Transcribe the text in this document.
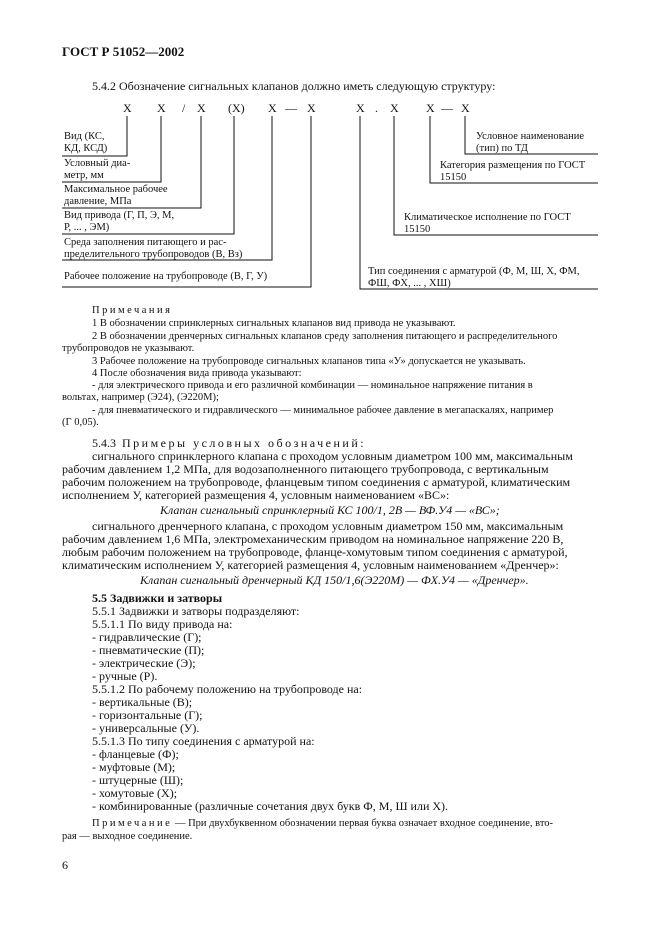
ГОСТ Р 51052—2002
5.4.2 Обозначение сигнальных клапанов должно иметь следующую структуру:
X X / X (X) X — X	X . X X — X
Вид (КС,
КД, КСД)
Условный диа-
метр, мм
Максимальное рабочее
давление, МПа
Вид привода (Г, П, Э, М,
Р, ... , ЭМ)
Среда заполнения питающего и рас-
пределительного трубопроводов (В, Вз)
Рабочее положение на трубопроводе (В, Г, У)
Условное наименование
(тип) по ТД
Категория размещения по ГОСТ
15150
Климатическое исполнение по ГОСТ
15150
Тип соединения с арматурой (Ф, М, Ш, X, ФМ,
ФШ, ФХ, ... , ХШ)
Примечания
1 В обозначении спринклерных сигнальных клапанов вид привода не указывают.
2 В обозначении дренчерных сигнальных клапанов среду заполнения питающего и распределительного
трубопроводов не указывают.
3 Рабочее положение на трубопроводе сигнальных клапанов типа «У» допускается не указывать.
4 После обозначения вида привода указывают:
- для электрического привода и его различной комбинации — номинальное напряжение питания в
вольтах, например (Э24), (Э220М);
- для пневматического и гидравлического — минимальное рабочее давление в мегапаскалях, например
(Г 0,05).
5.4.3 Примеры условных обозначений:
сигнального спринклерного клапана с проходом условным диаметром 100 мм, максимальным
рабочим давлением 1,2 МПа, для водозаполненного питающего трубопровода, с вертикальным
рабочим положением на трубопроводе, фланцевым типом соединения с арматурой, климатическим
исполнением У, категорией размещения 4, условным наименованием «ВС»:
Клапан сигнальный спринклерный КС 100/1, 2В — ВФ.У4 — «ВС»;
сигнального дренчерного клапана, с проходом условным диаметром 150 мм, максимальным
рабочим давлением 1,6 МПа, электромеханическим приводом на номинальное напряжение 220 В,
любым рабочим положением на трубопроводе, фланце-хомутовым типом соединения с арматурой,
климатическим исполнением У, категорией размещения 4, условным наименованием «Дренчер»:
Клапан сигнальный дренчерный КД 150/1,6(Э220М) — ФХ.У4 — «Дренчер».
5.5 Задвижки и затворы
5.5.1 Задвижки и затворы подразделяют:
5.5.1.1 По виду привода на:
- гидравлические (Г);
- пневматические (П);
- электрические (Э);
- ручные (Р).
5.5.1.2 По рабочему положению на трубопроводе на:
- вертикальные (В);
- горизонтальные (Г);
- универсальные (У).
5.5.1.3 По типу соединения с арматурой на:
- фланцевые (Ф);
- муфтовые (М);
- штуцерные (Ш);
- хомутовые (X);
- комбинированные (различные сочетания двух букв Ф, М, Ш или X).
Примечание — При двухбуквенном обозначении первая буква означает входное соединение, вто-
рая — выходное соединение.
6
